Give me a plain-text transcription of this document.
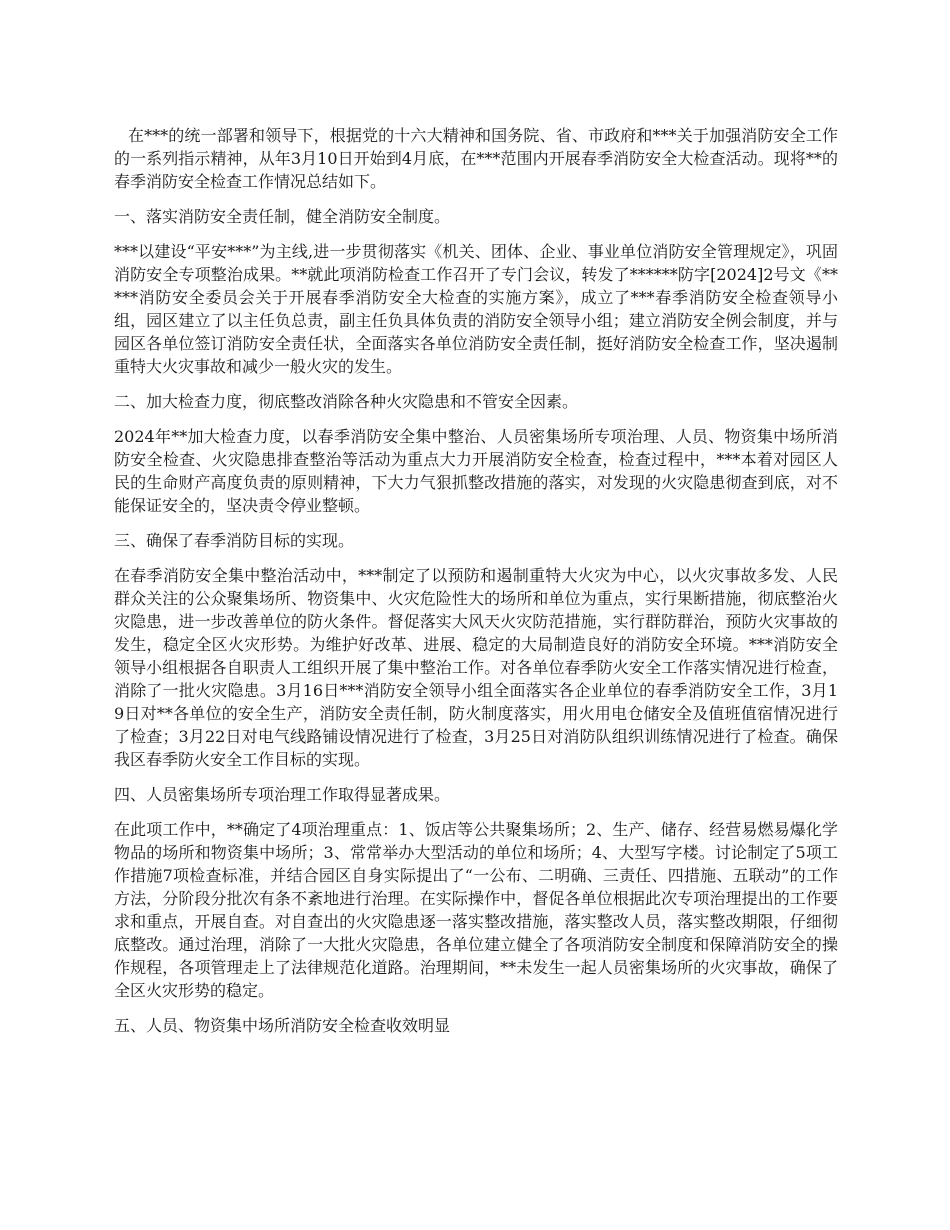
在***的统一部署和领导下，根据党的十六大精神和国务院、省、市政府和***关于加强消防安全工作的一系列指示精神，从年3月10日开始到4月底，在***范围内开展春季消防安全大检查活动。现将**的春季消防安全检查工作情况总结如下。

一、落实消防安全责任制，健全消防安全制度。

***以建设“平安***”为主线,进一步贯彻落实《机关、团体、企业、事业单位消防安全管理规定》，巩固消防安全专项整治成果。**就此项消防检查工作召开了专门会议，转发了******防字[2024]2号文《*****消防安全委员会关于开展春季消防安全大检查的实施方案》，成立了***春季消防安全检查领导小组，园区建立了以主任负总责，副主任负具体负责的消防安全领导小组；建立消防安全例会制度，并与园区各单位签订消防安全责任状，全面落实各单位消防安全责任制，挺好消防安全检查工作，坚决遏制重特大火灾事故和减少一般火灾的发生。

二、加大检查力度，彻底整改消除各种火灾隐患和不管安全因素。

2024年**加大检查力度，以春季消防安全集中整治、人员密集场所专项治理、人员、物资集中场所消防安全检查、火灾隐患排查整治等活动为重点大力开展消防安全检查，检查过程中，***本着对园区人民的生命财产高度负责的原则精神，下大力气狠抓整改措施的落实，对发现的火灾隐患彻查到底，对不能保证安全的，坚决责令停业整顿。

三、确保了春季消防目标的实现。

在春季消防安全集中整治活动中，***制定了以预防和遏制重特大火灾为中心，以火灾事故多发、人民群众关注的公众聚集场所、物资集中、火灾危险性大的场所和单位为重点，实行果断措施，彻底整治火灾隐患，进一步改善单位的防火条件。督促落实大风天火灾防范措施，实行群防群治，预防火灾事故的发生，稳定全区火灾形势。为维护好改革、进展、稳定的大局制造良好的消防安全环境。***消防安全领导小组根据各自职责人工组织开展了集中整治工作。对各单位春季防火安全工作落实情况进行检查，消除了一批火灾隐患。3月16日***消防安全领导小组全面落实各企业单位的春季消防安全工作，3月19日对**各单位的安全生产，消防安全责任制，防火制度落实，用火用电仓储安全及值班值宿情况进行了检查；3月22日对电气线路铺设情况进行了检查，3月25日对消防队组织训练情况进行了检查。确保我区春季防火安全工作目标的实现。

四、人员密集场所专项治理工作取得显著成果。

在此项工作中，**确定了4项治理重点：1、饭店等公共聚集场所；2、生产、储存、经营易燃易爆化学物品的场所和物资集中场所；3、常常举办大型活动的单位和场所；4、大型写字楼。讨论制定了5项工作措施7项检查标准，并结合园区自身实际提出了“一公布、二明确、三责任、四措施、五联动”的工作方法，分阶段分批次有条不紊地进行治理。在实际操作中，督促各单位根据此次专项治理提出的工作要求和重点，开展自查。对自查出的火灾隐患逐一落实整改措施，落实整改人员，落实整改期限，仔细彻底整改。通过治理，消除了一大批火灾隐患，各单位建立健全了各项消防安全制度和保障消防安全的操作规程，各项管理走上了法律规范化道路。治理期间，**未发生一起人员密集场所的火灾事故，确保了全区火灾形势的稳定。

五、人员、物资集中场所消防安全检查收效明显
